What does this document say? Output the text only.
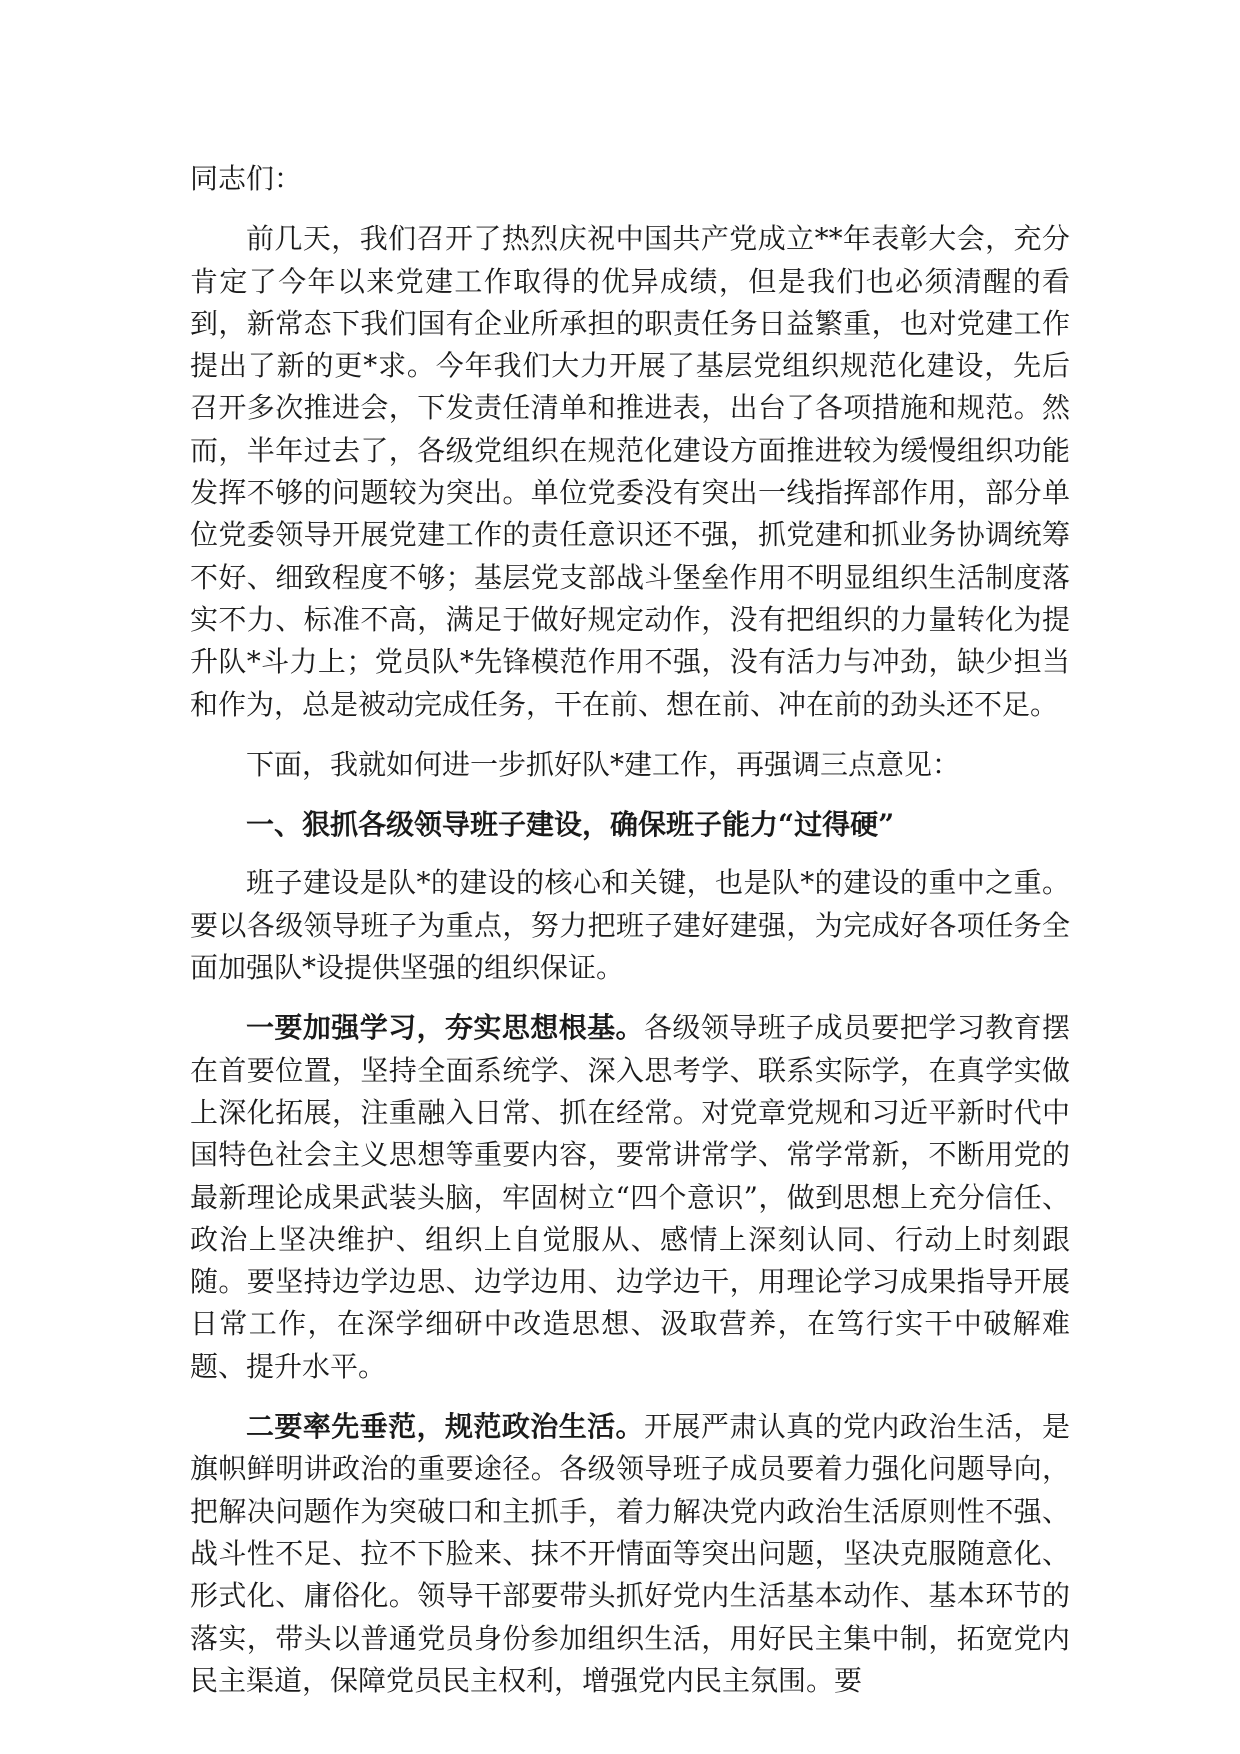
同志们：

前几天，我们召开了热烈庆祝中国共产党成立**年表彰大会，充分肯定了今年以来党建工作取得的优异成绩，但是我们也必须清醒的看到，新常态下我们国有企业所承担的职责任务日益繁重，也对党建工作提出了新的更*求。今年我们大力开展了基层党组织规范化建设，先后召开多次推进会，下发责任清单和推进表，出台了各项措施和规范。然而，半年过去了，各级党组织在规范化建设方面推进较为缓慢组织功能发挥不够的问题较为突出。单位党委没有突出一线指挥部作用，部分单位党委领导开展党建工作的责任意识还不强，抓党建和抓业务协调统筹不好、细致程度不够；基层党支部战斗堡垒作用不明显组织生活制度落实不力、标准不高，满足于做好规定动作，没有把组织的力量转化为提升队*斗力上；党员队*先锋模范作用不强，没有活力与冲劲，缺少担当和作为，总是被动完成任务，干在前、想在前、冲在前的劲头还不足。

下面，我就如何进一步抓好队*建工作，再强调三点意见：

一、狠抓各级领导班子建设，确保班子能力“过得硬”

班子建设是队*的建设的核心和关键，也是队*的建设的重中之重。要以各级领导班子为重点，努力把班子建好建强，为完成好各项任务全面加强队*设提供坚强的组织保证。

一要加强学习，夯实思想根基。各级领导班子成员要把学习教育摆在首要位置，坚持全面系统学、深入思考学、联系实际学，在真学实做上深化拓展，注重融入日常、抓在经常。对党章党规和习近平新时代中国特色社会主义思想等重要内容，要常讲常学、常学常新，不断用党的最新理论成果武装头脑，牢固树立“四个意识”，做到思想上充分信任、政治上坚决维护、组织上自觉服从、感情上深刻认同、行动上时刻跟随。要坚持边学边思、边学边用、边学边干，用理论学习成果指导开展日常工作，在深学细研中改造思想、汲取营养，在笃行实干中破解难题、提升水平。

二要率先垂范，规范政治生活。开展严肃认真的党内政治生活，是旗帜鲜明讲政治的重要途径。各级领导班子成员要着力强化问题导向，把解决问题作为突破口和主抓手，着力解决党内政治生活原则性不强、战斗性不足、拉不下脸来、抹不开情面等突出问题，坚决克服随意化、形式化、庸俗化。领导干部要带头抓好党内生活基本动作、基本环节的落实，带头以普通党员身份参加组织生活，用好民主集中制，拓宽党内民主渠道，保障党员民主权利，增强党内民主氛围。要
